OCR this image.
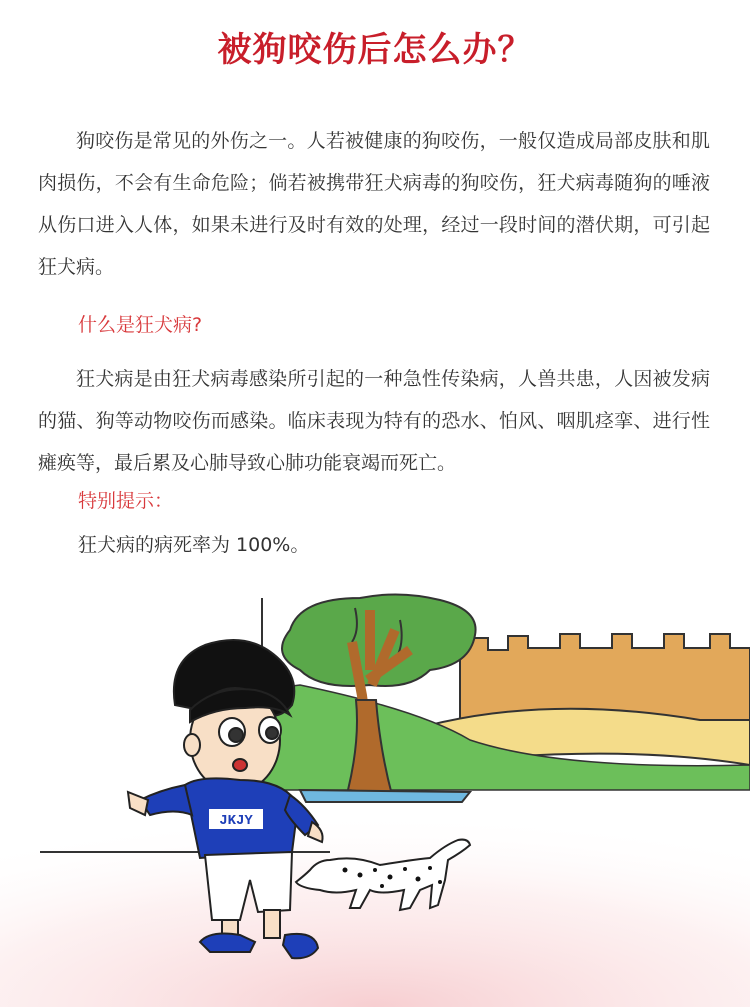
被狗咬伤后怎么办？
狗咬伤是常见的外伤之一。人若被健康的狗咬伤，一般仅造成局部皮肤和肌肉损伤，不会有生命危险；倘若被携带狂犬病毒的狗咬伤，狂犬病毒随狗的唾液从伤口进入人体，如果未进行及时有效的处理，经过一段时间的潜伏期，可引起狂犬病。
什么是狂犬病?
狂犬病是由狂犬病毒感染所引起的一种急性传染病，人兽共患，人因被发病的猫、狗等动物咬伤而感染。临床表现为特有的恐水、怕风、咽肌痉挛、进行性瘫痪等，最后累及心肺导致心肺功能衰竭而死亡。
特别提示：
狂犬病的病死率为 100%。
JKJY
